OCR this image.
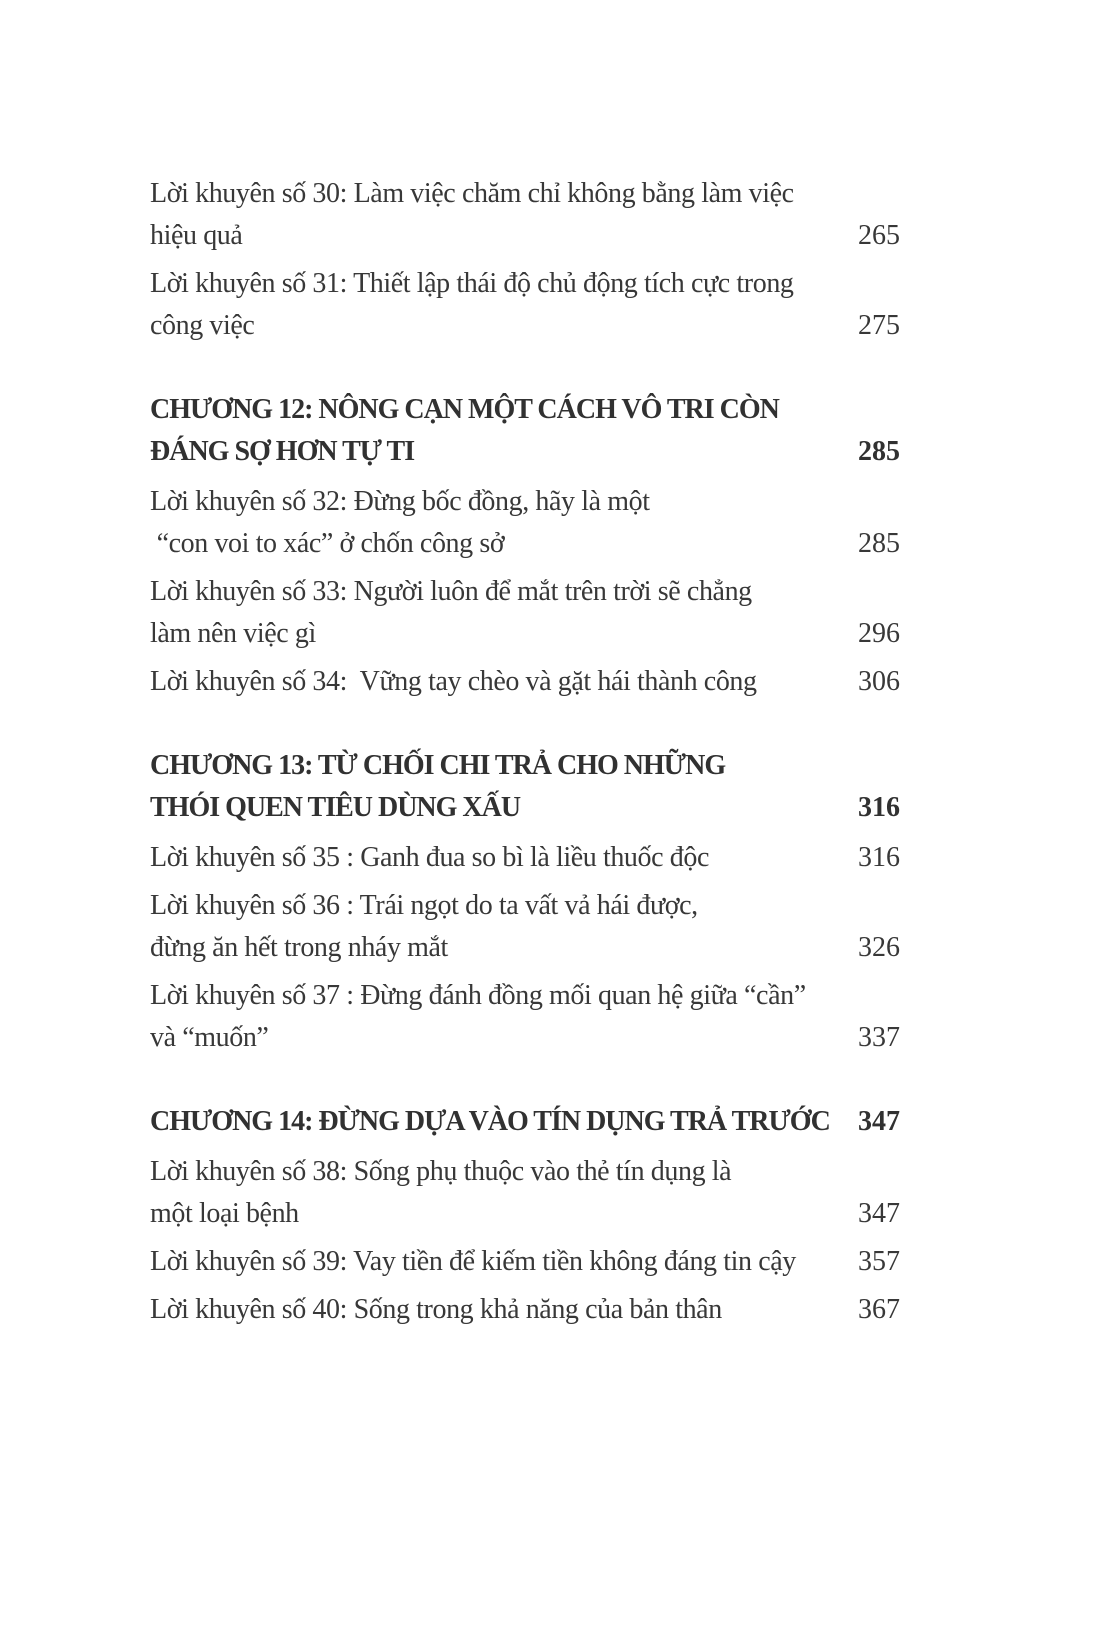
Lời khuyên số 30: Làm việc chăm chỉ không bằng làm việc
hiệu quả	265
Lời khuyên số 31: Thiết lập thái độ chủ động tích cực trong
công việc	275
CHƯƠNG 12: NÔNG CẠN MỘT CÁCH VÔ TRI CÒN
ĐÁNG SỢ HƠN TỰ TI	285
Lời khuyên số 32: Đừng bốc đồng, hãy là một
“con voi to xác” ở chốn công sở	285
Lời khuyên số 33: Người luôn để mắt trên trời sẽ chẳng
làm nên việc gì	296
Lời khuyên số 34:  Vững tay chèo và gặt hái thành công	306
CHƯƠNG 13: TỪ CHỐI CHI TRẢ CHO NHỮNG
THÓI QUEN TIÊU DÙNG XẤU	316
Lời khuyên số 35 : Ganh đua so bì là liều thuốc độc	316
Lời khuyên số 36 : Trái ngọt do ta vất vả hái được,
đừng ăn hết trong nháy mắt	326
Lời khuyên số 37 : Đừng đánh đồng mối quan hệ giữa “cần”
và “muốn”	337
CHƯƠNG 14: ĐỪNG DỰA VÀO TÍN DỤNG TRẢ TRƯỚC 347
Lời khuyên số 38: Sống phụ thuộc vào thẻ tín dụng là
một loại bệnh	347
Lời khuyên số 39: Vay tiền để kiếm tiền không đáng tin cậy 357
Lời khuyên số 40: Sống trong khả năng của bản thân	367
